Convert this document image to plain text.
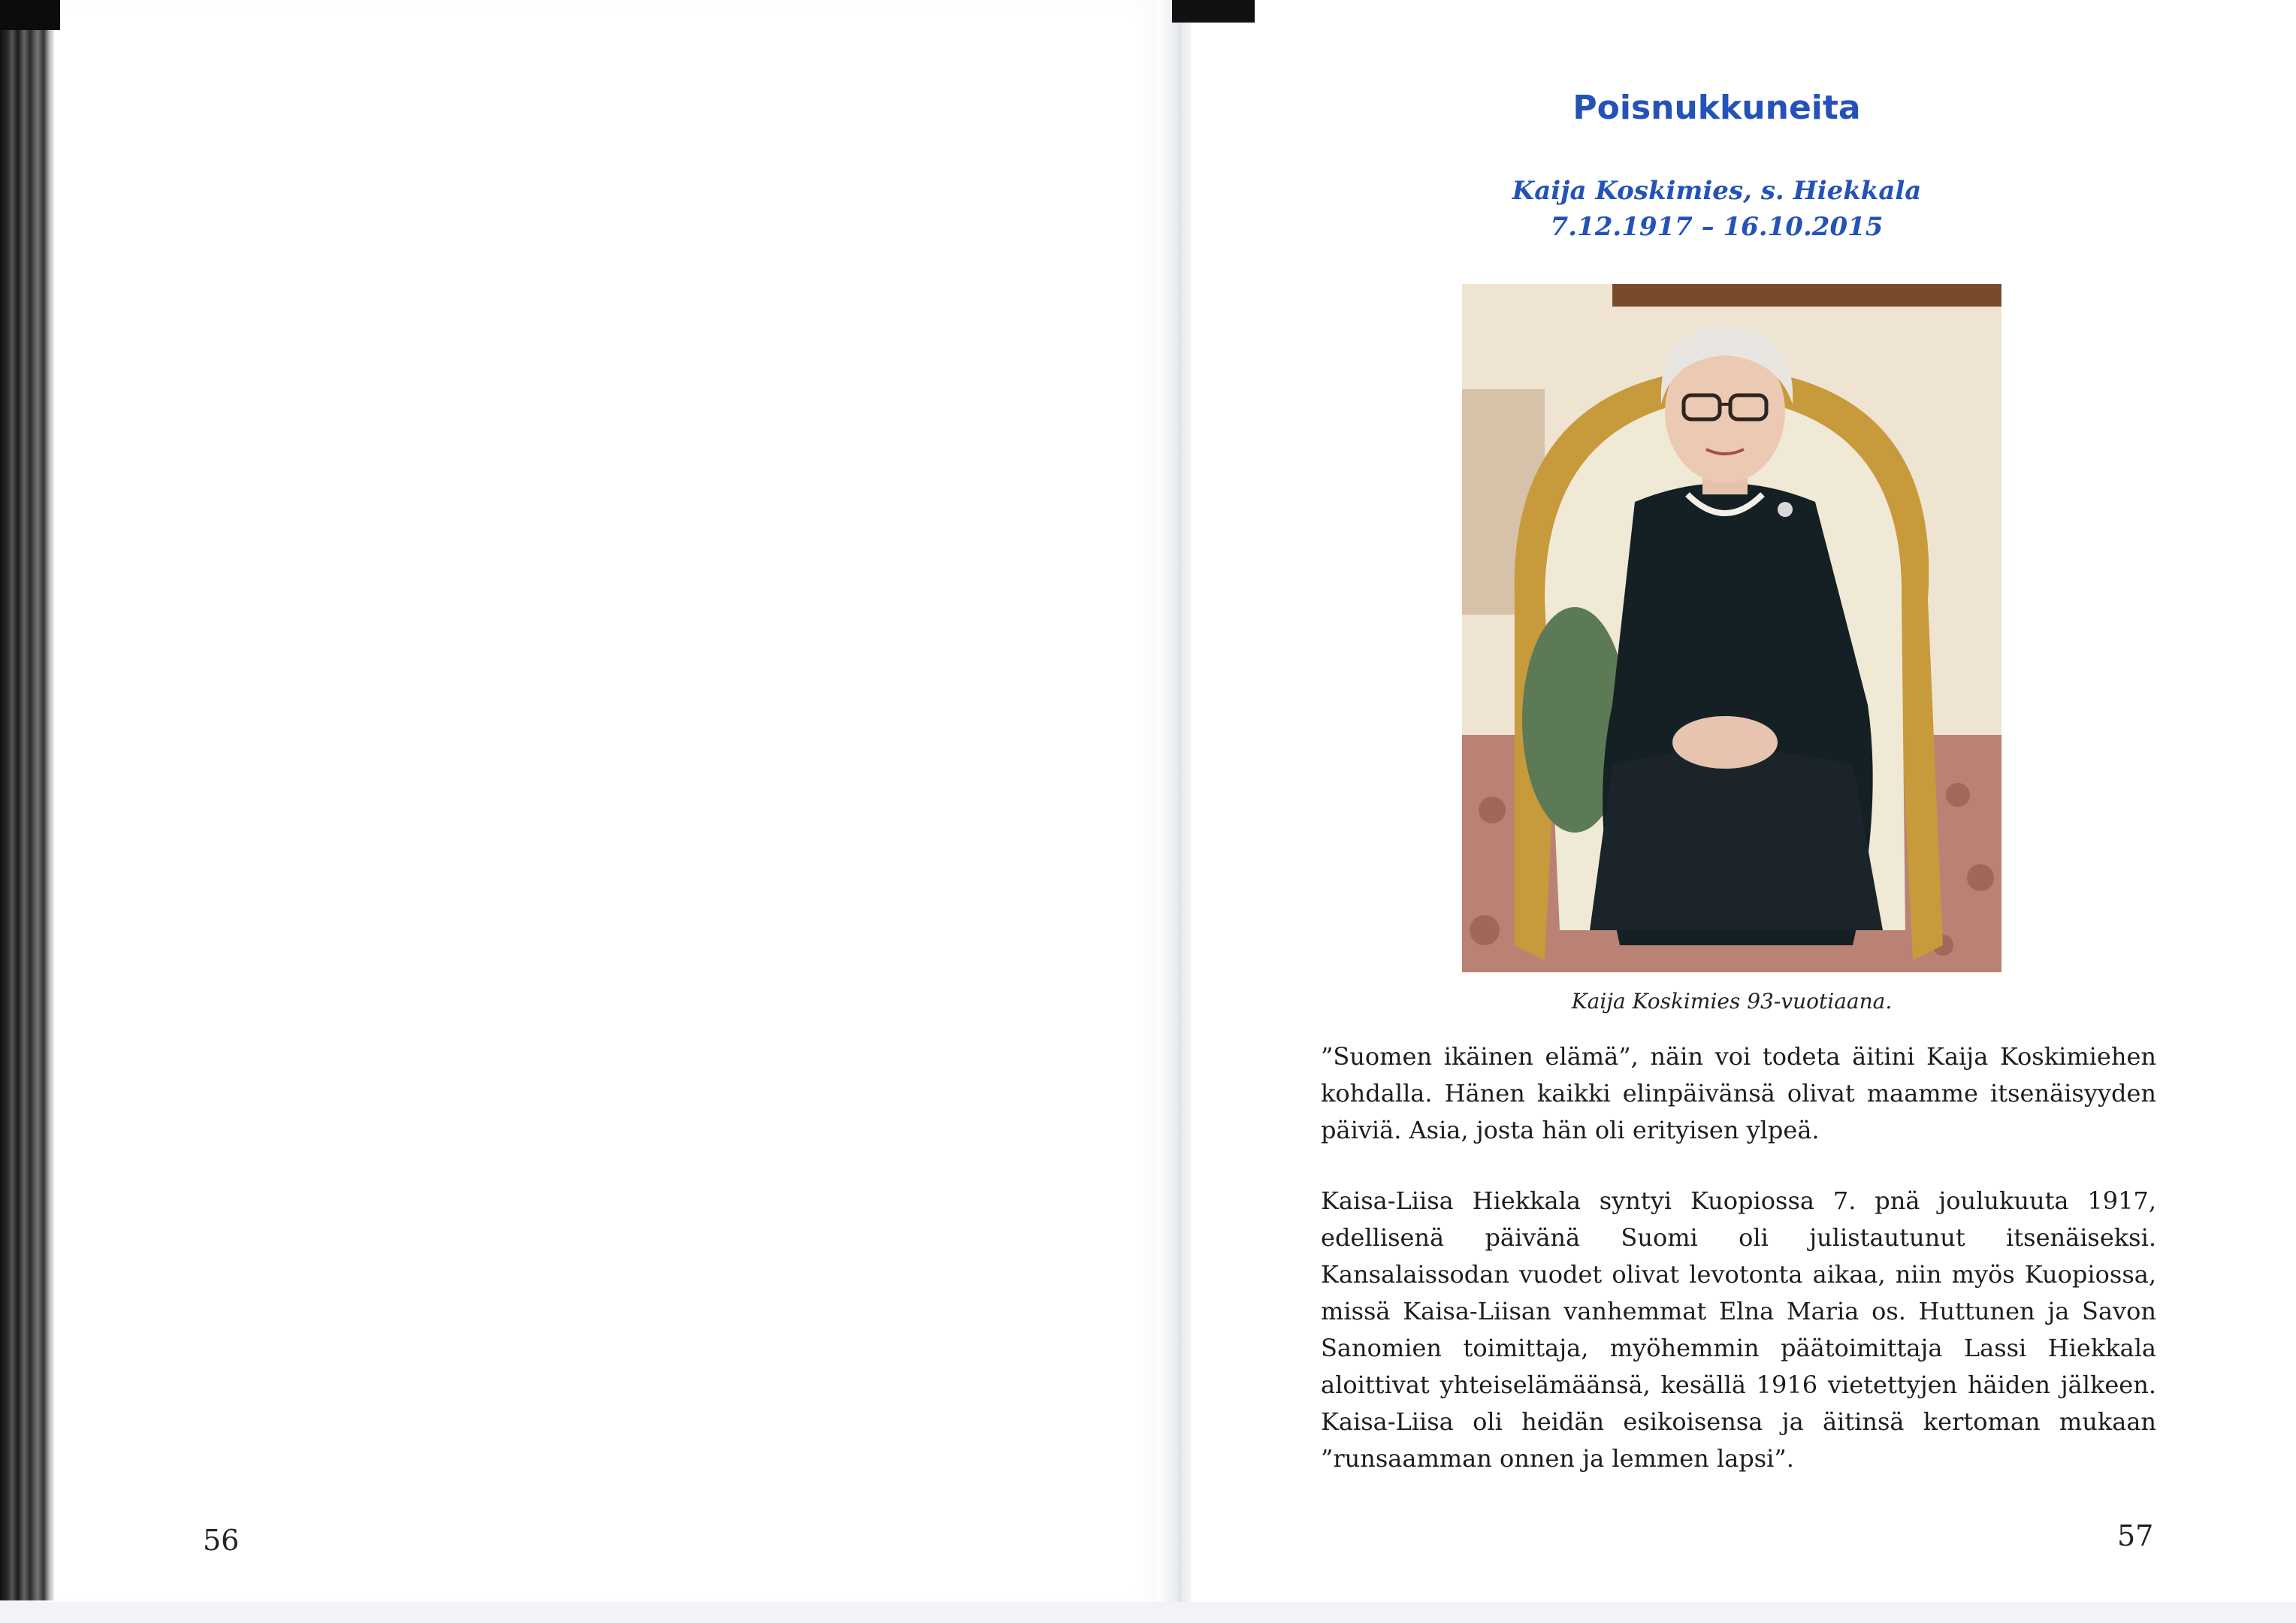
56
Poisnukkuneita
Kaija Koskimies, s. Hiekkala
7.12.1917 – 16.10.2015
Kaija Koskimies 93-vuotiaana.
”Suomen ikäinen elämä”, näin voi todeta äitini Kaija Koskimiehen kohdalla. Hänen kaikki elinpäivänsä olivat maamme itsenäisyyden päiviä. Asia, josta hän oli erityisen ylpeä.
Kaisa-Liisa Hiekkala syntyi Kuopiossa 7. pnä joulukuuta 1917, edellisenä päivänä Suomi oli julistautunut itsenäiseksi. Kansalaissodan vuodet olivat levotonta aikaa, niin myös Kuopiossa, missä Kaisa-Liisan vanhemmat Elna Maria os. Huttunen ja Savon Sanomien toimittaja, myöhemmin päätoimittaja Lassi Hiekkala aloittivat yhteiselämäänsä, kesällä 1916 vietettyjen häiden jälkeen. Kaisa-Liisa oli heidän esikoisensa ja äitinsä kertoman mukaan ”runsaamman onnen ja lemmen lapsi”.
57
